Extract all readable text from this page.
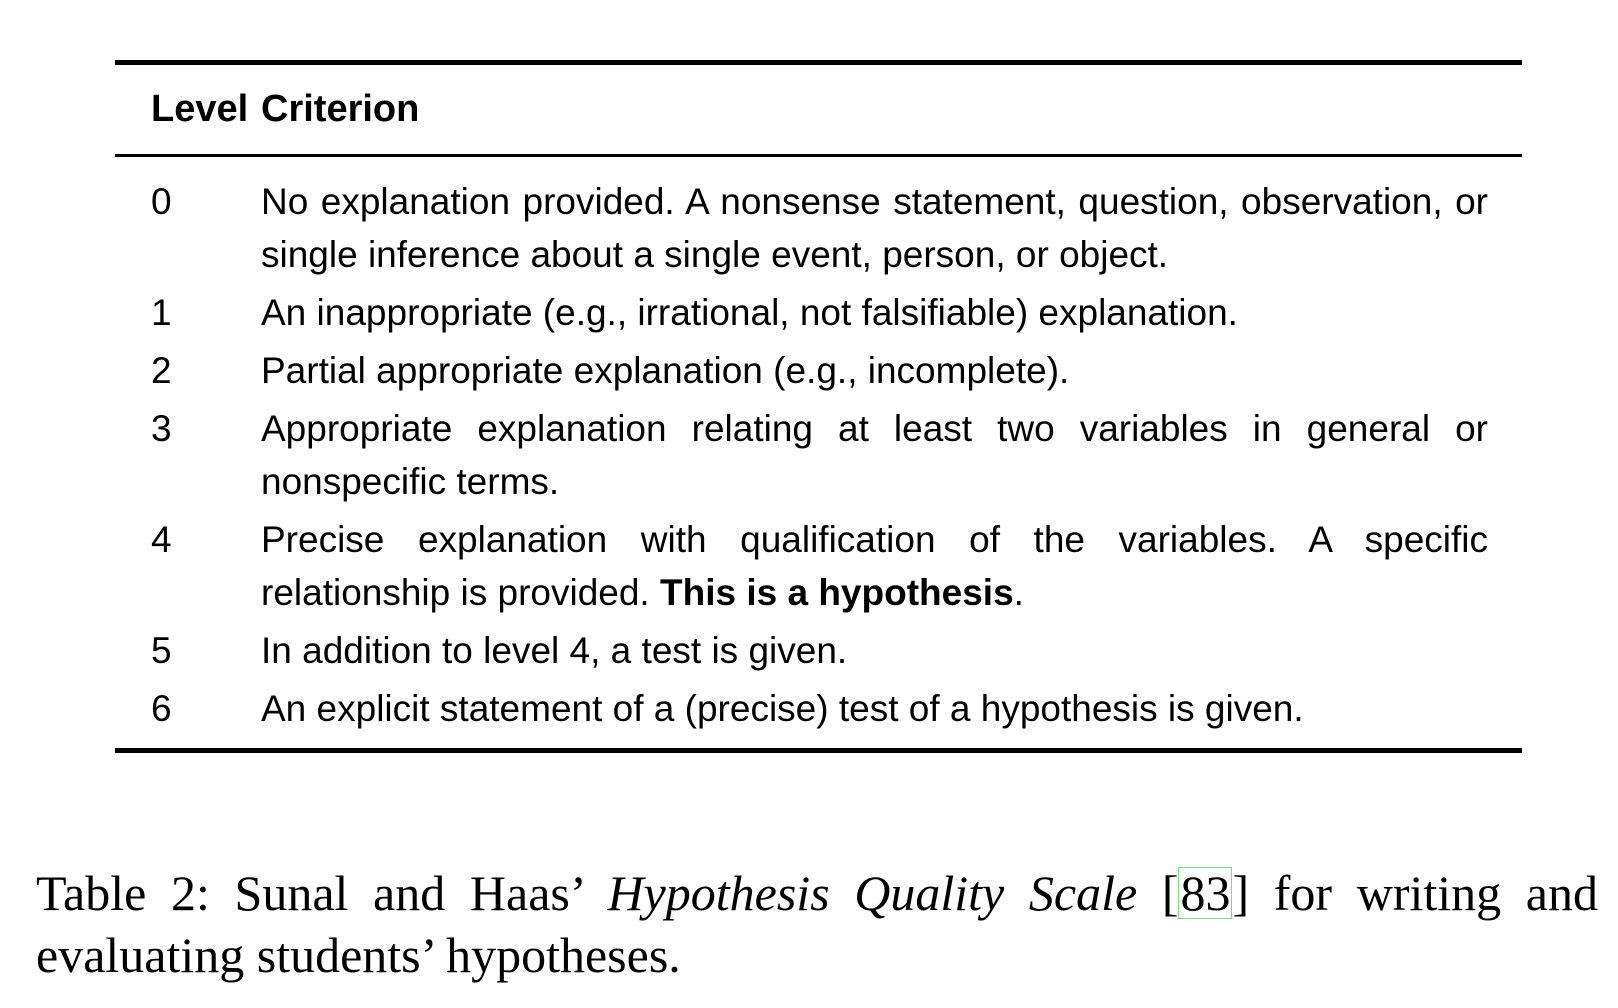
Level Criterion
0	No explanation provided. A nonsense statement, question, observation, or single inference about a single event, person, or object.
1	An inappropriate (e.g., irrational, not falsifiable) explanation.
2	Partial appropriate explanation (e.g., incomplete).
3	Appropriate explanation relating at least two variables in general or nonspecific terms.
4	Precise explanation with qualification of the variables. A specific relationship is provided. This is a hypothesis.
5	In addition to level 4, a test is given.
6	An explicit statement of a (precise) test of a hypothesis is given.
Table 2: Sunal and Haas’ Hypothesis Quality Scale [83] for writing and evaluating students’ hypotheses.
